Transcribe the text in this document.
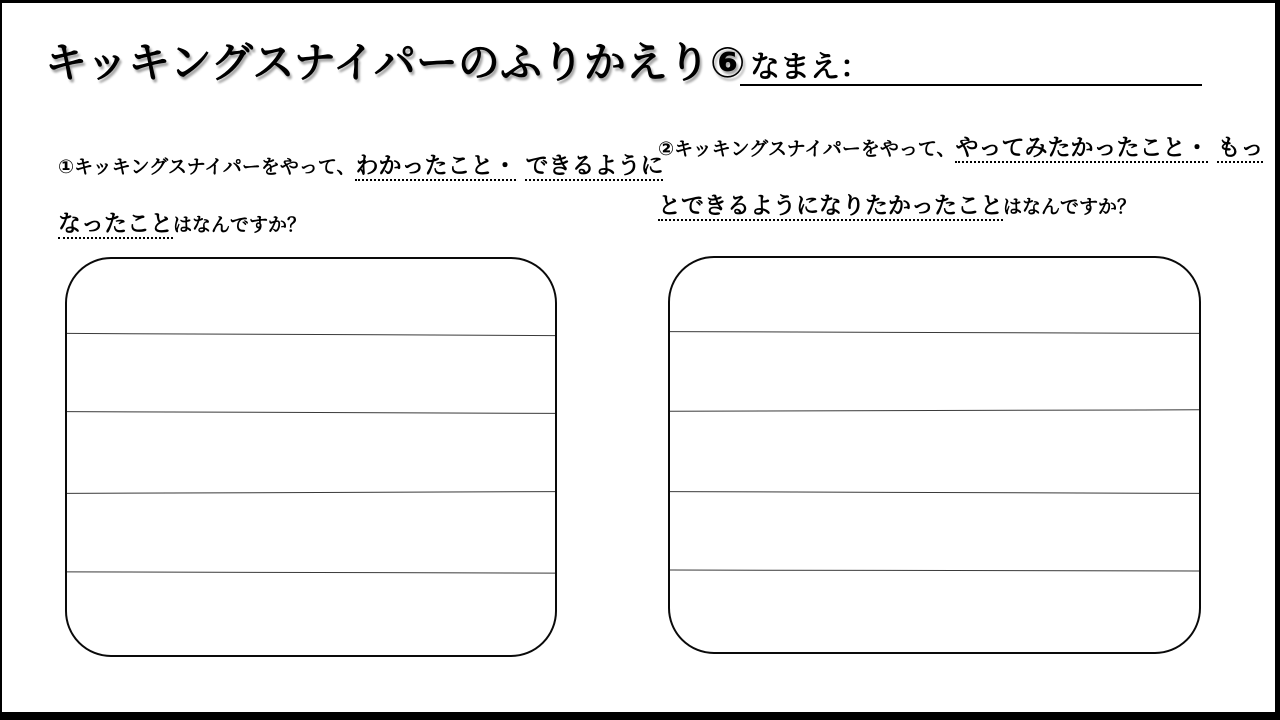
キッキングスナイパーのふりかえり⑥ なまえ：
①キッキングスナイパーをやって、わかったこと・ できるように
なったことはなんですか？
②キッキングスナイパーをやって、やってみたかったこと・ もっ
とできるようになりたかったことはなんですか？
